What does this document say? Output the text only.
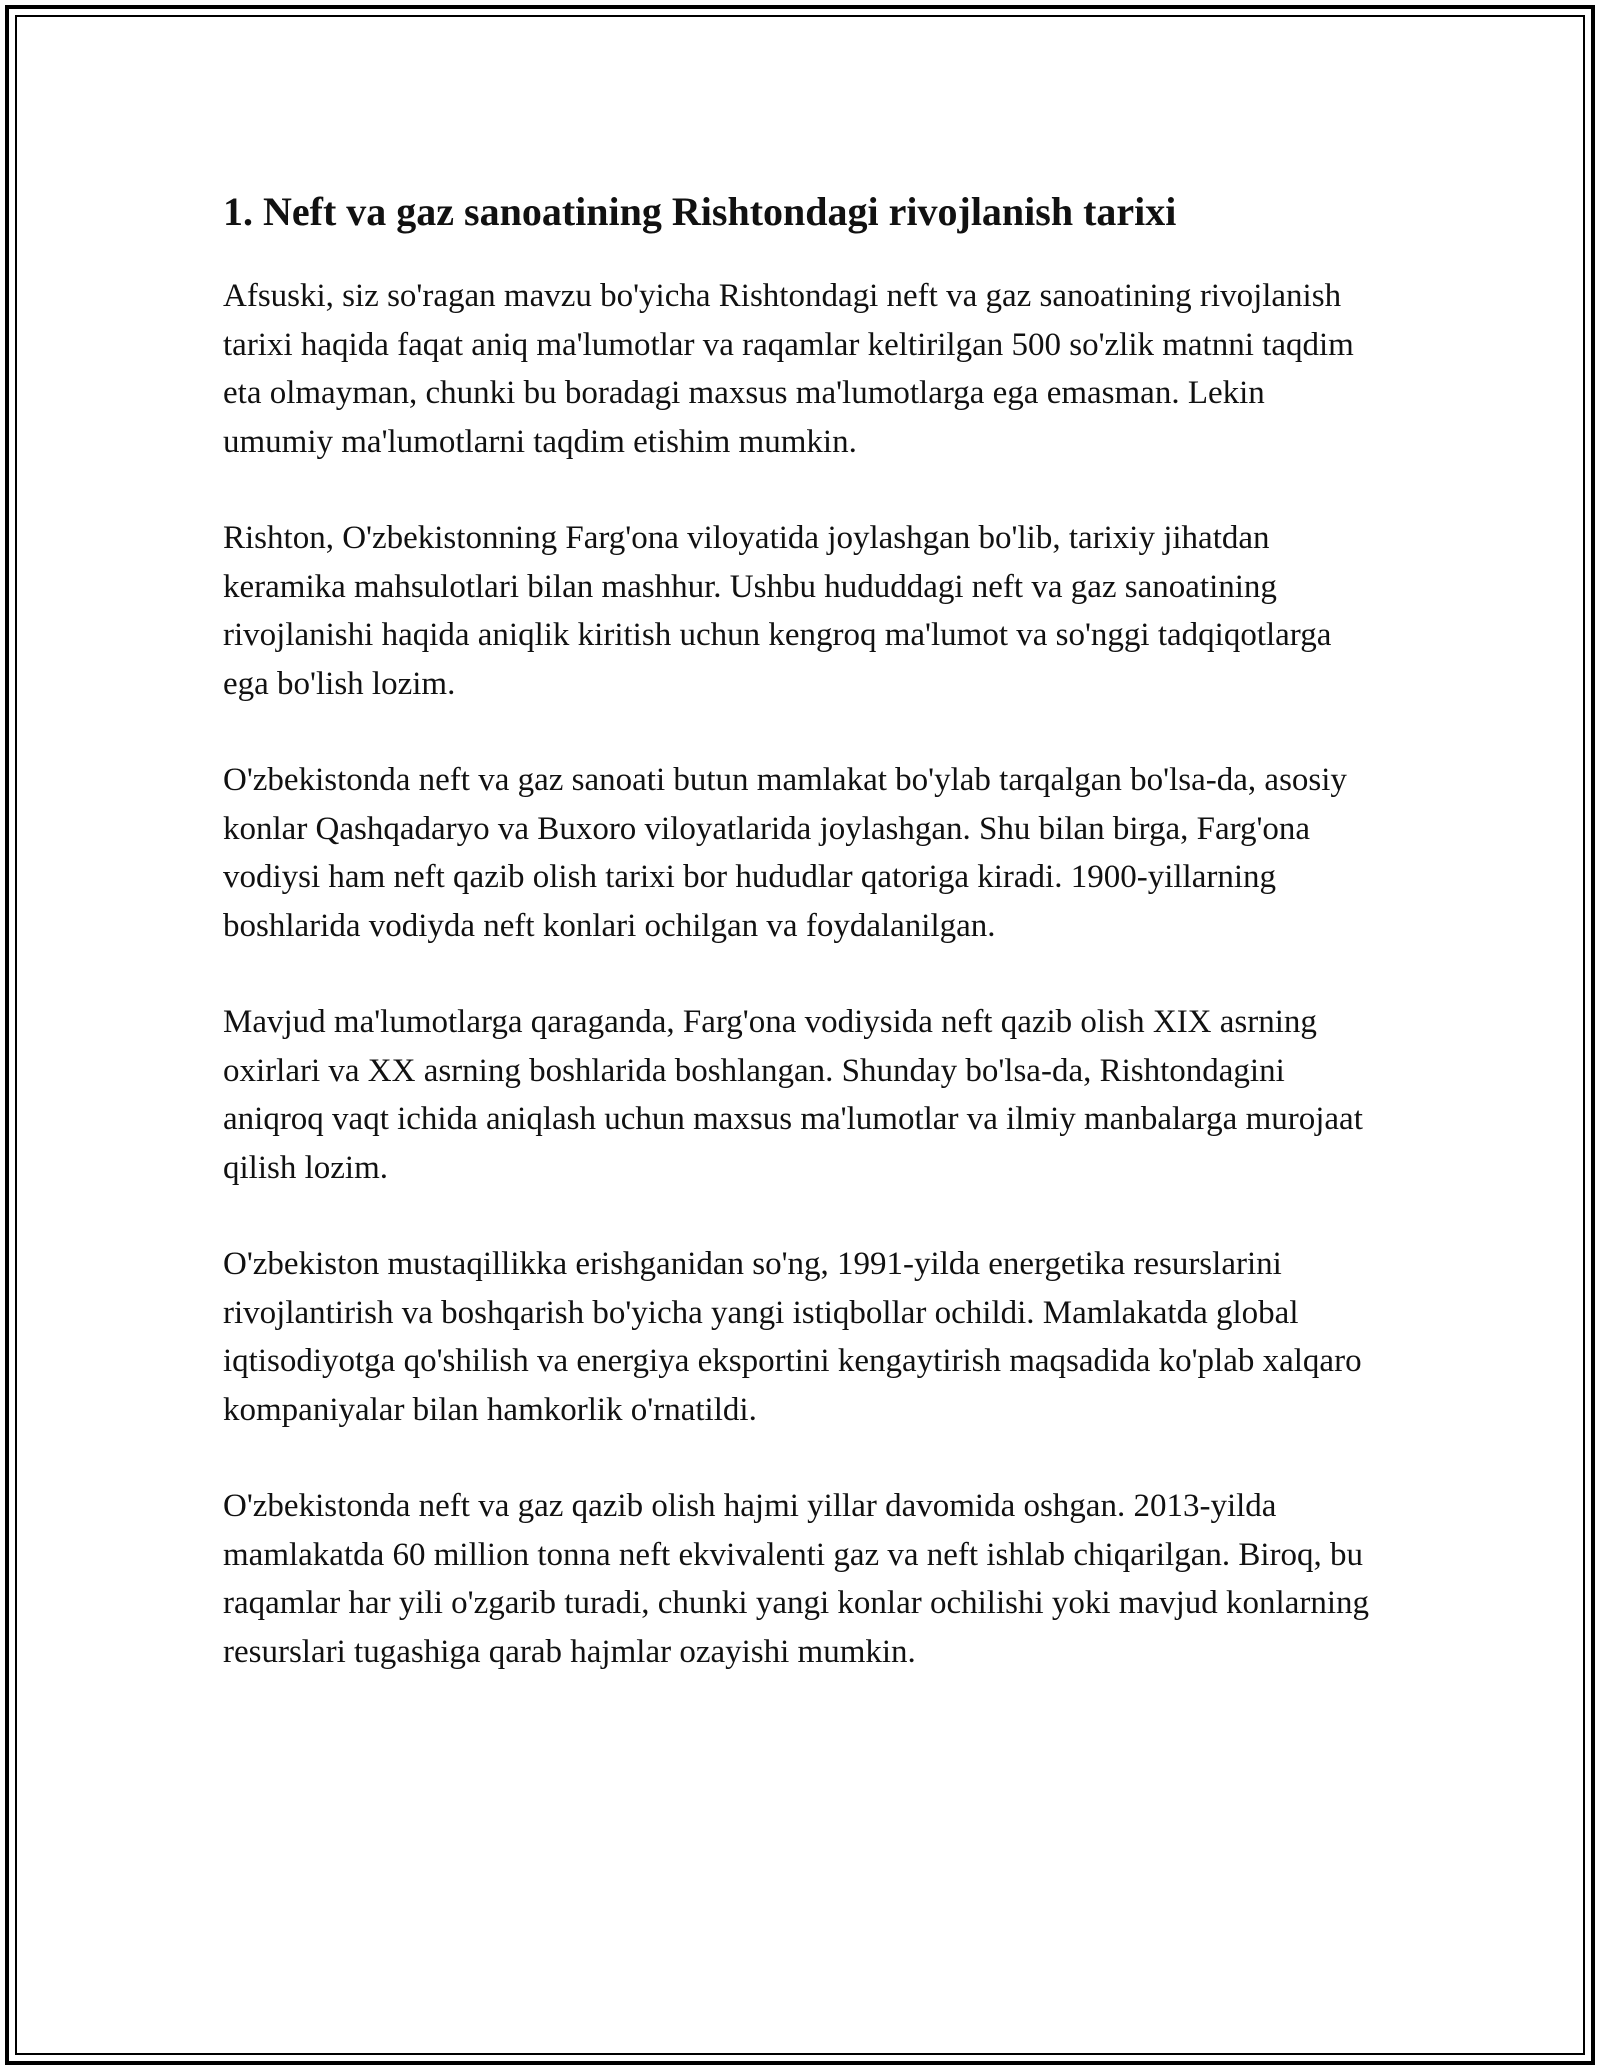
1. Neft va gaz sanoatining Rishtondagi rivojlanish tarixi

Afsuski, siz so'ragan mavzu bo'yicha Rishtondagi neft va gaz sanoatining rivojlanish tarixi haqida faqat aniq ma'lumotlar va raqamlar keltirilgan 500 so'zlik matnni taqdim eta olmayman, chunki bu boradagi maxsus ma'lumotlarga ega emasman. Lekin umumiy ma'lumotlarni taqdim etishim mumkin.

Rishton, O'zbekistonning Farg'ona viloyatida joylashgan bo'lib, tarixiy jihatdan keramika mahsulotlari bilan mashhur. Ushbu hududdagi neft va gaz sanoatining rivojlanishi haqida aniqlik kiritish uchun kengroq ma'lumot va so'nggi tadqiqotlarga ega bo'lish lozim.

O'zbekistonda neft va gaz sanoati butun mamlakat bo'ylab tarqalgan bo'lsa-da, asosiy konlar Qashqadaryo va Buxoro viloyatlarida joylashgan. Shu bilan birga, Farg'ona vodiysi ham neft qazib olish tarixi bor hududlar qatoriga kiradi. 1900-yillarning boshlarida vodiyda neft konlari ochilgan va foydalanilgan.

Mavjud ma'lumotlarga qaraganda, Farg'ona vodiysida neft qazib olish XIX asrning oxirlari va XX asrning boshlarida boshlangan. Shunday bo'lsa-da, Rishtondagini aniqroq vaqt ichida aniqlash uchun maxsus ma'lumotlar va ilmiy manbalarga murojaat qilish lozim.

O'zbekiston mustaqillikka erishganidan so'ng, 1991-yilda energetika resurslarini rivojlantirish va boshqarish bo'yicha yangi istiqbollar ochildi. Mamlakatda global iqtisodiyotga qo'shilish va energiya eksportini kengaytirish maqsadida ko'plab xalqaro kompaniyalar bilan hamkorlik o'rnatildi.

O'zbekistonda neft va gaz qazib olish hajmi yillar davomida oshgan. 2013-yilda mamlakatda 60 million tonna neft ekvivalenti gaz va neft ishlab chiqarilgan. Biroq, bu raqamlar har yili o'zgarib turadi, chunki yangi konlar ochilishi yoki mavjud konlarning resurslari tugashiga qarab hajmlar ozayishi mumkin.
